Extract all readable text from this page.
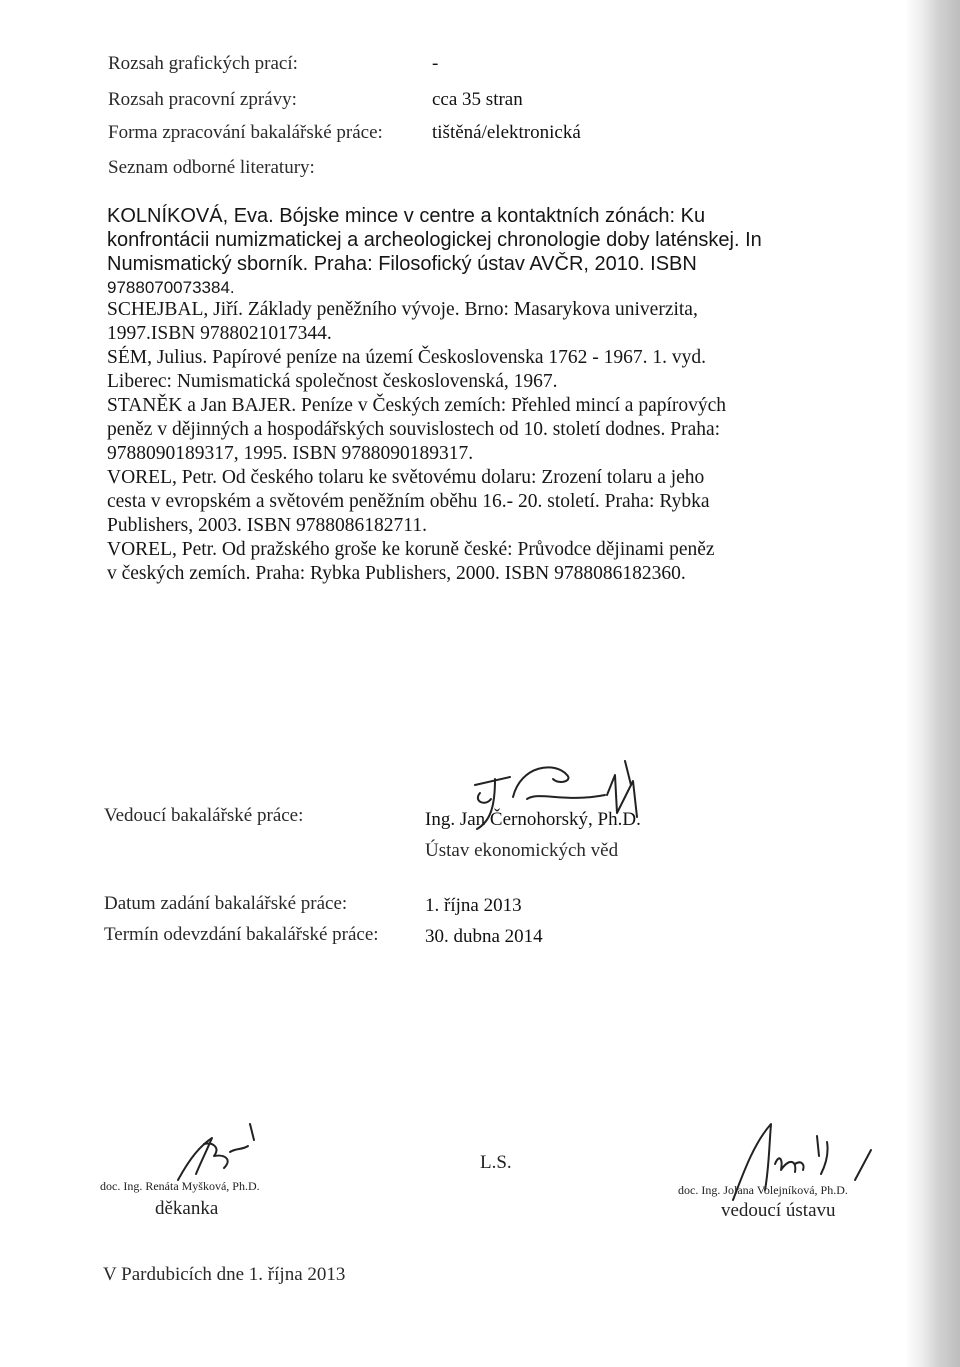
Rozsah grafických prací:	-
Rozsah pracovní zprávy:	cca 35 stran
Forma zpracování bakalářské práce:	tištěná/elektronická
Seznam odborné literatury:
KOLNÍKOVÁ, Eva. Bójske mince v centre a kontaktních zónách: Ku
konfrontácii numizmatickej a archeologickej chronologie doby laténskej. In
Numismatický sborník. Praha: Filosofický ústav AVČR, 2010. ISBN
9788070073384.
SCHEJBAL, Jiří. Základy peněžního vývoje. Brno: Masarykova univerzita,
1997.ISBN 9788021017344.
SÉM, Julius. Papírové peníze na území Československa 1762 - 1967. 1. vyd.
Liberec: Numismatická společnost československá, 1967.
STANĚK a Jan BAJER. Peníze v Českých zemích: Přehled mincí a papírových
peněz v dějinných a hospodářských souvislostech od 10. století dodnes. Praha:
9788090189317, 1995. ISBN 9788090189317.
VOREL, Petr. Od českého tolaru ke světovému dolaru: Zrození tolaru a jeho
cesta v evropském a světovém peněžním oběhu 16.- 20. století. Praha: Rybka
Publishers, 2003. ISBN 9788086182711.
VOREL, Petr. Od pražského groše ke koruně české: Průvodce dějinami peněz
v českých zemích. Praha: Rybka Publishers, 2000. ISBN 9788086182360.
Vedoucí bakalářské práce:	Ing. Jan Černohorský, Ph.D.
Ústav ekonomických věd
Datum zadání bakalářské práce:	1. října 2013
Termín odevzdání bakalářské práce: 30. dubna 2014
doc. Ing. Renáta Myšková, Ph.D.
děkanka
L.S.
doc. Ing. Jolana Volejníková, Ph.D.
vedoucí ústavu
V Pardubicích dne 1. října 2013
